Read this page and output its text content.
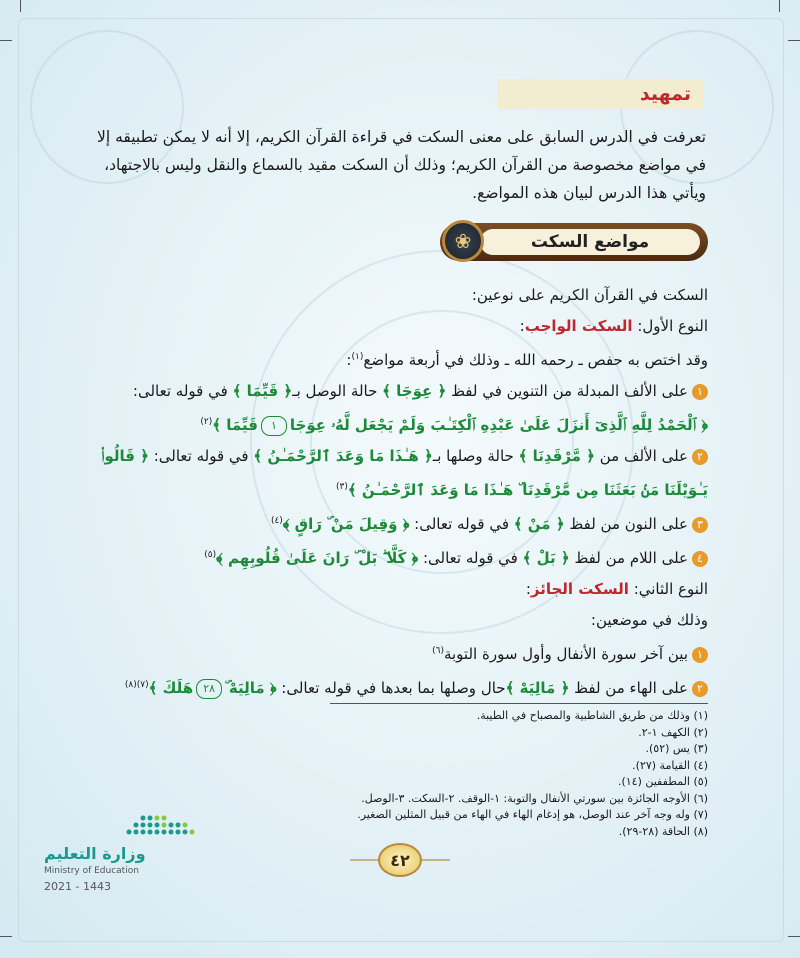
تمهيد
تعرفت في الدرس السابق على معنى السكت في قراءة القرآن الكريم، إلا أنه لا يمكن تطبيقه إلا في مواضع مخصوصة من القرآن الكريم؛ وذلك أن السكت مقيد بالسماع والنقل وليس بالاجتهاد، ويأتي هذا الدرس لبيان هذه المواضع.
مواضع السكت
❀

السكت في القرآن الكريم على نوعين:

النوع الأول: السكت الواجب:

وقد اختص به حفص ـ رحمه الله ـ وذلك في أربعة مواضع$^{(١)}$:

١على الألف المبدلة من التنوين في لفظ ﴿ عِوَجَا ﴾ حالة الوصل بـ﴿ قَيِّمَا ﴾ في قوله تعالى:

﴿ ٱلْحَمْدُ لِلَّهِ ٱلَّذِىٓ أَنزَلَ عَلَىٰ عَبْدِهِ ٱلْكِتَـٰبَ وَلَمْ يَجْعَل لَّهُۥ عِوَجَا١قَيِّمَا ﴾$^{(٢)}$

٢على الألف من ﴿ مَّرْقَدِنَا ﴾ حالة وصلها بـ﴿ هَـٰذَا مَا وَعَدَ ٱلرَّحْمَـٰنُ ﴾ في قوله تعالى: ﴿ قَالُوا۟ يَـٰوَيْلَنَا مَنۢ بَعَثَنَا مِن مَّرْقَدِنَا ۜ هَـٰذَا مَا وَعَدَ ٱلرَّحْمَـٰنُ ﴾$^{(٣)}$

٣على النون من لفظ ﴿ مَنْ ﴾ في قوله تعالى: ﴿ وَقِيلَ مَنْ ۜ رَاقٍ ﴾$^{(٤)}$

٤على اللام من لفظ ﴿ بَلْ ﴾ في قوله تعالى: ﴿ كَلَّا ۖ بَلْ ۜ رَانَ عَلَىٰ قُلُوبِهِم ﴾$^{(٥)}$

النوع الثاني: السكت الجائز:

وذلك في موضعين:

١بين آخر سورة الأنفال وأول سورة التوبة$^{(٦)}$

٢على الهاء من لفظ ﴿ مَالِيَهْ ﴾حال وصلها بما بعدها في قوله تعالى: ﴿ مَالِيَهْ ۜ٢٨هَلَكَ ﴾$^{(٧)(٨)}$

(١) وذلك من طريق الشاطبية والمصباح في الطيبة.
(٢) الكهف ١-٢.
(٣) يس (٥٢).
(٤) القيامة (٢٧).
(٥) المطففين (١٤).
(٦) الأوجه الجائزة بين سورتي الأنفال والتوبة: ١-الوقف. ٢-السكت. ٣-الوصل.
(٧) وله وجه آخر عند الوصل، هو إدغام الهاء في الهاء من قبيل المثلين الصغير.
(٨) الحاقة (٢٨-٢٩).
٤٢
وزارة التعليم
Ministry of Education
2021 - 1443
